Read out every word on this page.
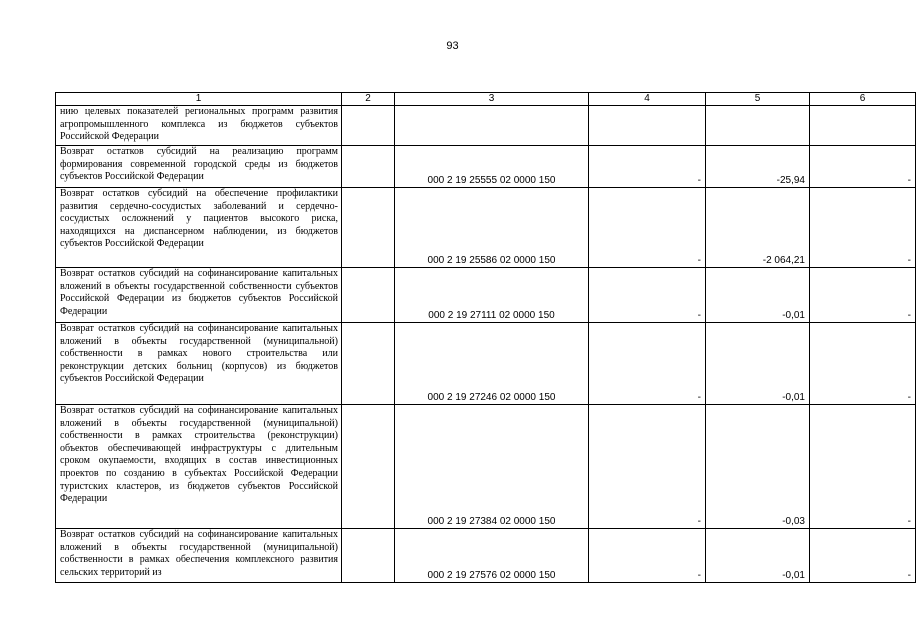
93
1	2	3	4	5	6
нию целевых показателей региональных программ развития агропромышленного комплекса из бюджетов субъектов Российской Федерации					
Возврат остатков субсидий на реализацию программ формирования современной городской среды из бюджетов субъектов Российской Федерации		000 2 19 25555 02 0000 150	-	-25,94	-
Возврат остатков субсидий на обеспечение профилактики развития сердечно-сосудистых заболеваний и сердечно-сосудистых осложнений у пациентов высокого риска, находящихся на диспансерном наблюдении, из бюджетов субъектов Российской Федерации		000 2 19 25586 02 0000 150	-	-2 064,21	-
Возврат остатков субсидий на софинансирование капитальных вложений в объекты государственной собственности субъектов Российской Федерации из бюджетов субъектов Российской Федерации		000 2 19 27111 02 0000 150	-	-0,01	-
Возврат остатков субсидий на софинансирование капитальных вложений в объекты государственной (муниципальной) собственности в рамках нового строительства или реконструкции детских больниц (корпусов) из бюджетов субъектов Российской Федерации		000 2 19 27246 02 0000 150	-	-0,01	-
Возврат остатков субсидий на софинансирование капитальных вложений в объекты государственной (муниципальной) собственности в рамках строительства (реконструкции) объектов обеспечивающей инфраструктуры с длительным сроком окупаемости, входящих в состав инвестиционных проектов по созданию в субъектах Российской Федерации туристских кластеров, из бюджетов субъектов Российской Федерации		000 2 19 27384 02 0000 150	-	-0,03	-
Возврат остатков субсидий на софинансирование капитальных вложений в объекты государственной (муниципальной) собственности в рамках обеспечения комплексного развития сельских территорий из		000 2 19 27576 02 0000 150	-	-0,01	-
